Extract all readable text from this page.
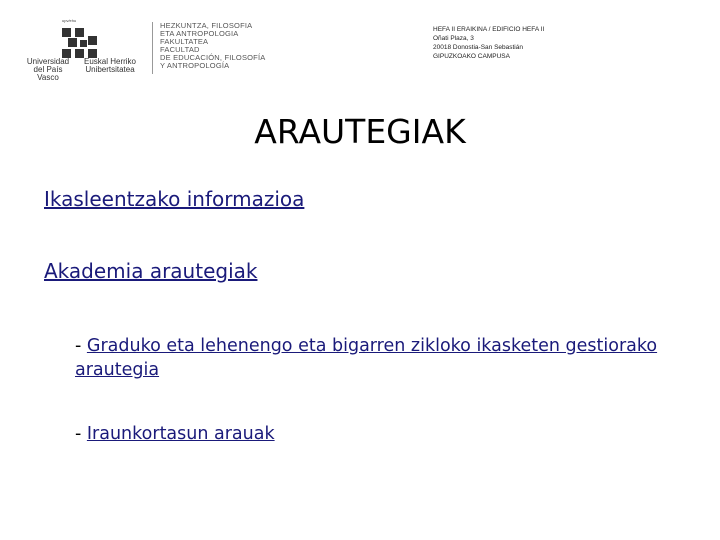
upv/ehu
Universidad
del País Vasco
Euskal Herriko
Unibertsitatea
HEZKUNTZA, FILOSOFIA
ETA ANTROPOLOGIA
FAKULTATEA
FACULTAD
DE EDUCACIÓN, FILOSOFÍA
Y ANTROPOLOGÍA
HEFA II ERAIKINA / EDIFICIO HEFA II
Oñati Plaza, 3
20018 Donostia-San Sebastián
GIPUZKOAKO CAMPUSA
ARAUTEGIAK
Ikasleentzako informazioa
Akademia arautegiak
- Graduko eta lehenengo eta bigarren zikloko ikasketen gestiorako arautegia
- Iraunkortasun arauak
